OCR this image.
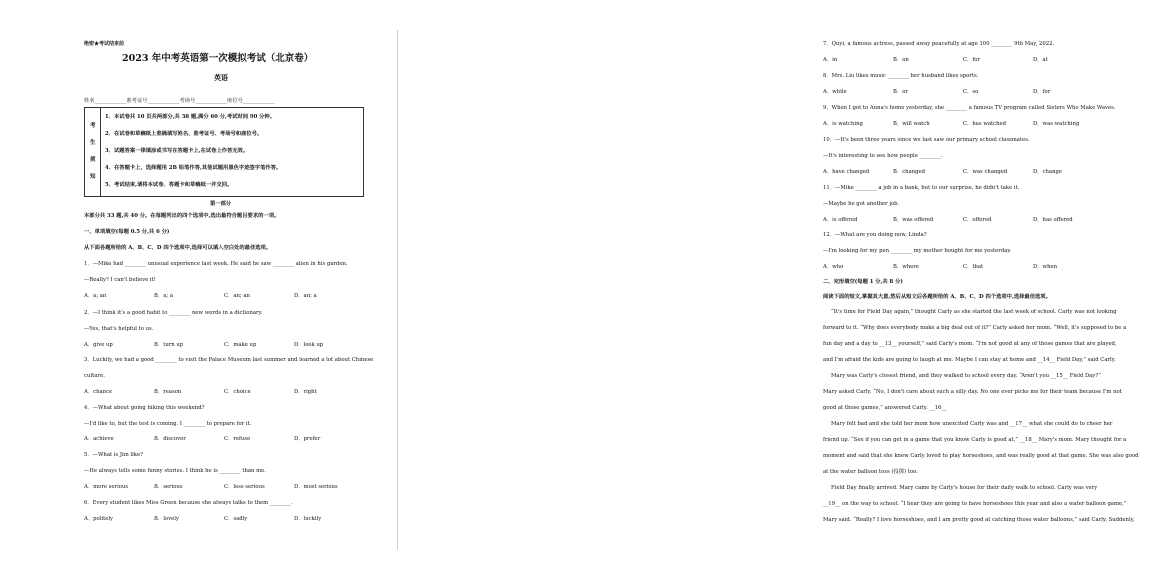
绝密★考试结束前
2023 年中考英语第一次模拟考试（北京卷）
英语
姓名____________准考证号____________考场号____________座位号____________
考
生
须
知
1．本试卷共 10 页共两部分,共 38 题,满分 60 分,考试时间 90 分钟。
2．在试卷和草稿纸上准确填写姓名、准考证号、考场号和座位号。
3．试题答案一律填涂或书写在答题卡上,在试卷上作答无效。
4．在答题卡上，选择题用 2B 铅笔作答,其他试题用黑色字迹签字笔作答。
5．考试结束,请将本试卷、答题卡和草稿纸一并交回。
第一部分
本部分共 33 题,共 40 分。在每题列出的四个选项中,选出最符合题目要求的一项。
一、单项填空(每题 0.5 分,共 6 分)
从下面各题所给的 A、B、C、D 四个选项中,选择可以填入空白处的最佳选项。
1．—Mike had ________ unusual experience last week. He said he saw ________ alien in his garden.
—Really? I can't believe it!
A．a; an	B．a; a	C．an; an	D．an; a
2．—I think it's a good habit to ________ new words in a dictionary.
—Yes, that's helpful to us.
A．give up	B．turn up	C．make up	D．look up
3．Luckily, we had a good ________ to visit the Palace Museum last summer and learned a lot about Chinese
culture.
A．chance	B．reason	C．choice	D．right
4．—What about going hiking this weekend?
—I'd like to, but the test is coming. I ________ to prepare for it.
A．achieve	B．discover	C．refuse	D．prefer
5．—What is Jim like?
—He always tells some funny stories. I think he is ________ than me.
A．more serious	B．serious	C．less serious	D．most serious
6．Every student likes Miss Green because she always talks to them ________.
A．politely	B．lovely	C．sadly	D．luckily
7．Quyi, a famous actress, passed away peacefully at age 100 ________ 9th May, 2022.
A．in	B．on	C．for	D．at
8．Mrs. Liu likes music ________ her husband likes sports.
A．while	B．or	C．so	D．for
9．When I got to Anna's home yesterday, she ________ a famous TV program called Sisters Who Make Waves.
A．is watching	B．will watch	C．has watched	D．was watching
10．—It's been three years since we last saw our primary school classmates.
—It's interesting to see how people ________.
A．have changed	B．changed	C．was changed	D．change
11．—Mike ________ a job in a bank, but to our surprise, he didn't take it.
—Maybe he got another job.
A．is offered	B．was offered	C．offered	D．has offered
12．—What are you doing now, Linda?
—I'm looking for my pen ________ my mother bought for me yesterday.
A．who	B．where	C．that	D．when
二、完形填空(每题 1 分,共 8 分)
阅读下面的短文,掌握其大意,然后从短文后各题所给的 A、B、C、D 四个选项中,选择最佳选项。
“It's time for Field Day again,” thought Carly as she started the last week of school. Carly was not looking
forward to it. “Why does everybody make a big deal out of it?” Carly asked her mom. “Well, it's supposed to be a
fun day and a day to __13__ yourself,” said Carly's mom. “I'm not good at any of those games that are played,
and I'm afraid the kids are going to laugh at me. Maybe I can stay at home and __14__ Field Day,” said Carly.
Mary was Carly's closest friend, and they walked to school every day. “Aren't you __15__ Field Day?”
Mary asked Carly. “No, I don't care about such a silly day. No one ever picks me for their team because I'm not
good at those games,” answered Carly. __16__
Mary felt bad and she told her mom how unexcited Carly was and __17__ what she could do to cheer her
friend up. “See if you can get in a game that you know Carly is good at,” __18__ Mary's mom. Mary thought for a
moment and said that she knew Carly loved to play horseshoes, and was really good at that game. She was also good
at the water balloon toss (投掷) too.
Field Day finally arrived. Mary came by Carly's house for their daily walk to school. Carly was very
__19__ on the way to school. “I hear they are going to have horseshoes this year and also a water balloon game,”
Mary said. “Really? I love horseshoes, and I am pretty good at catching those water balloons,” said Carly. Suddenly,
